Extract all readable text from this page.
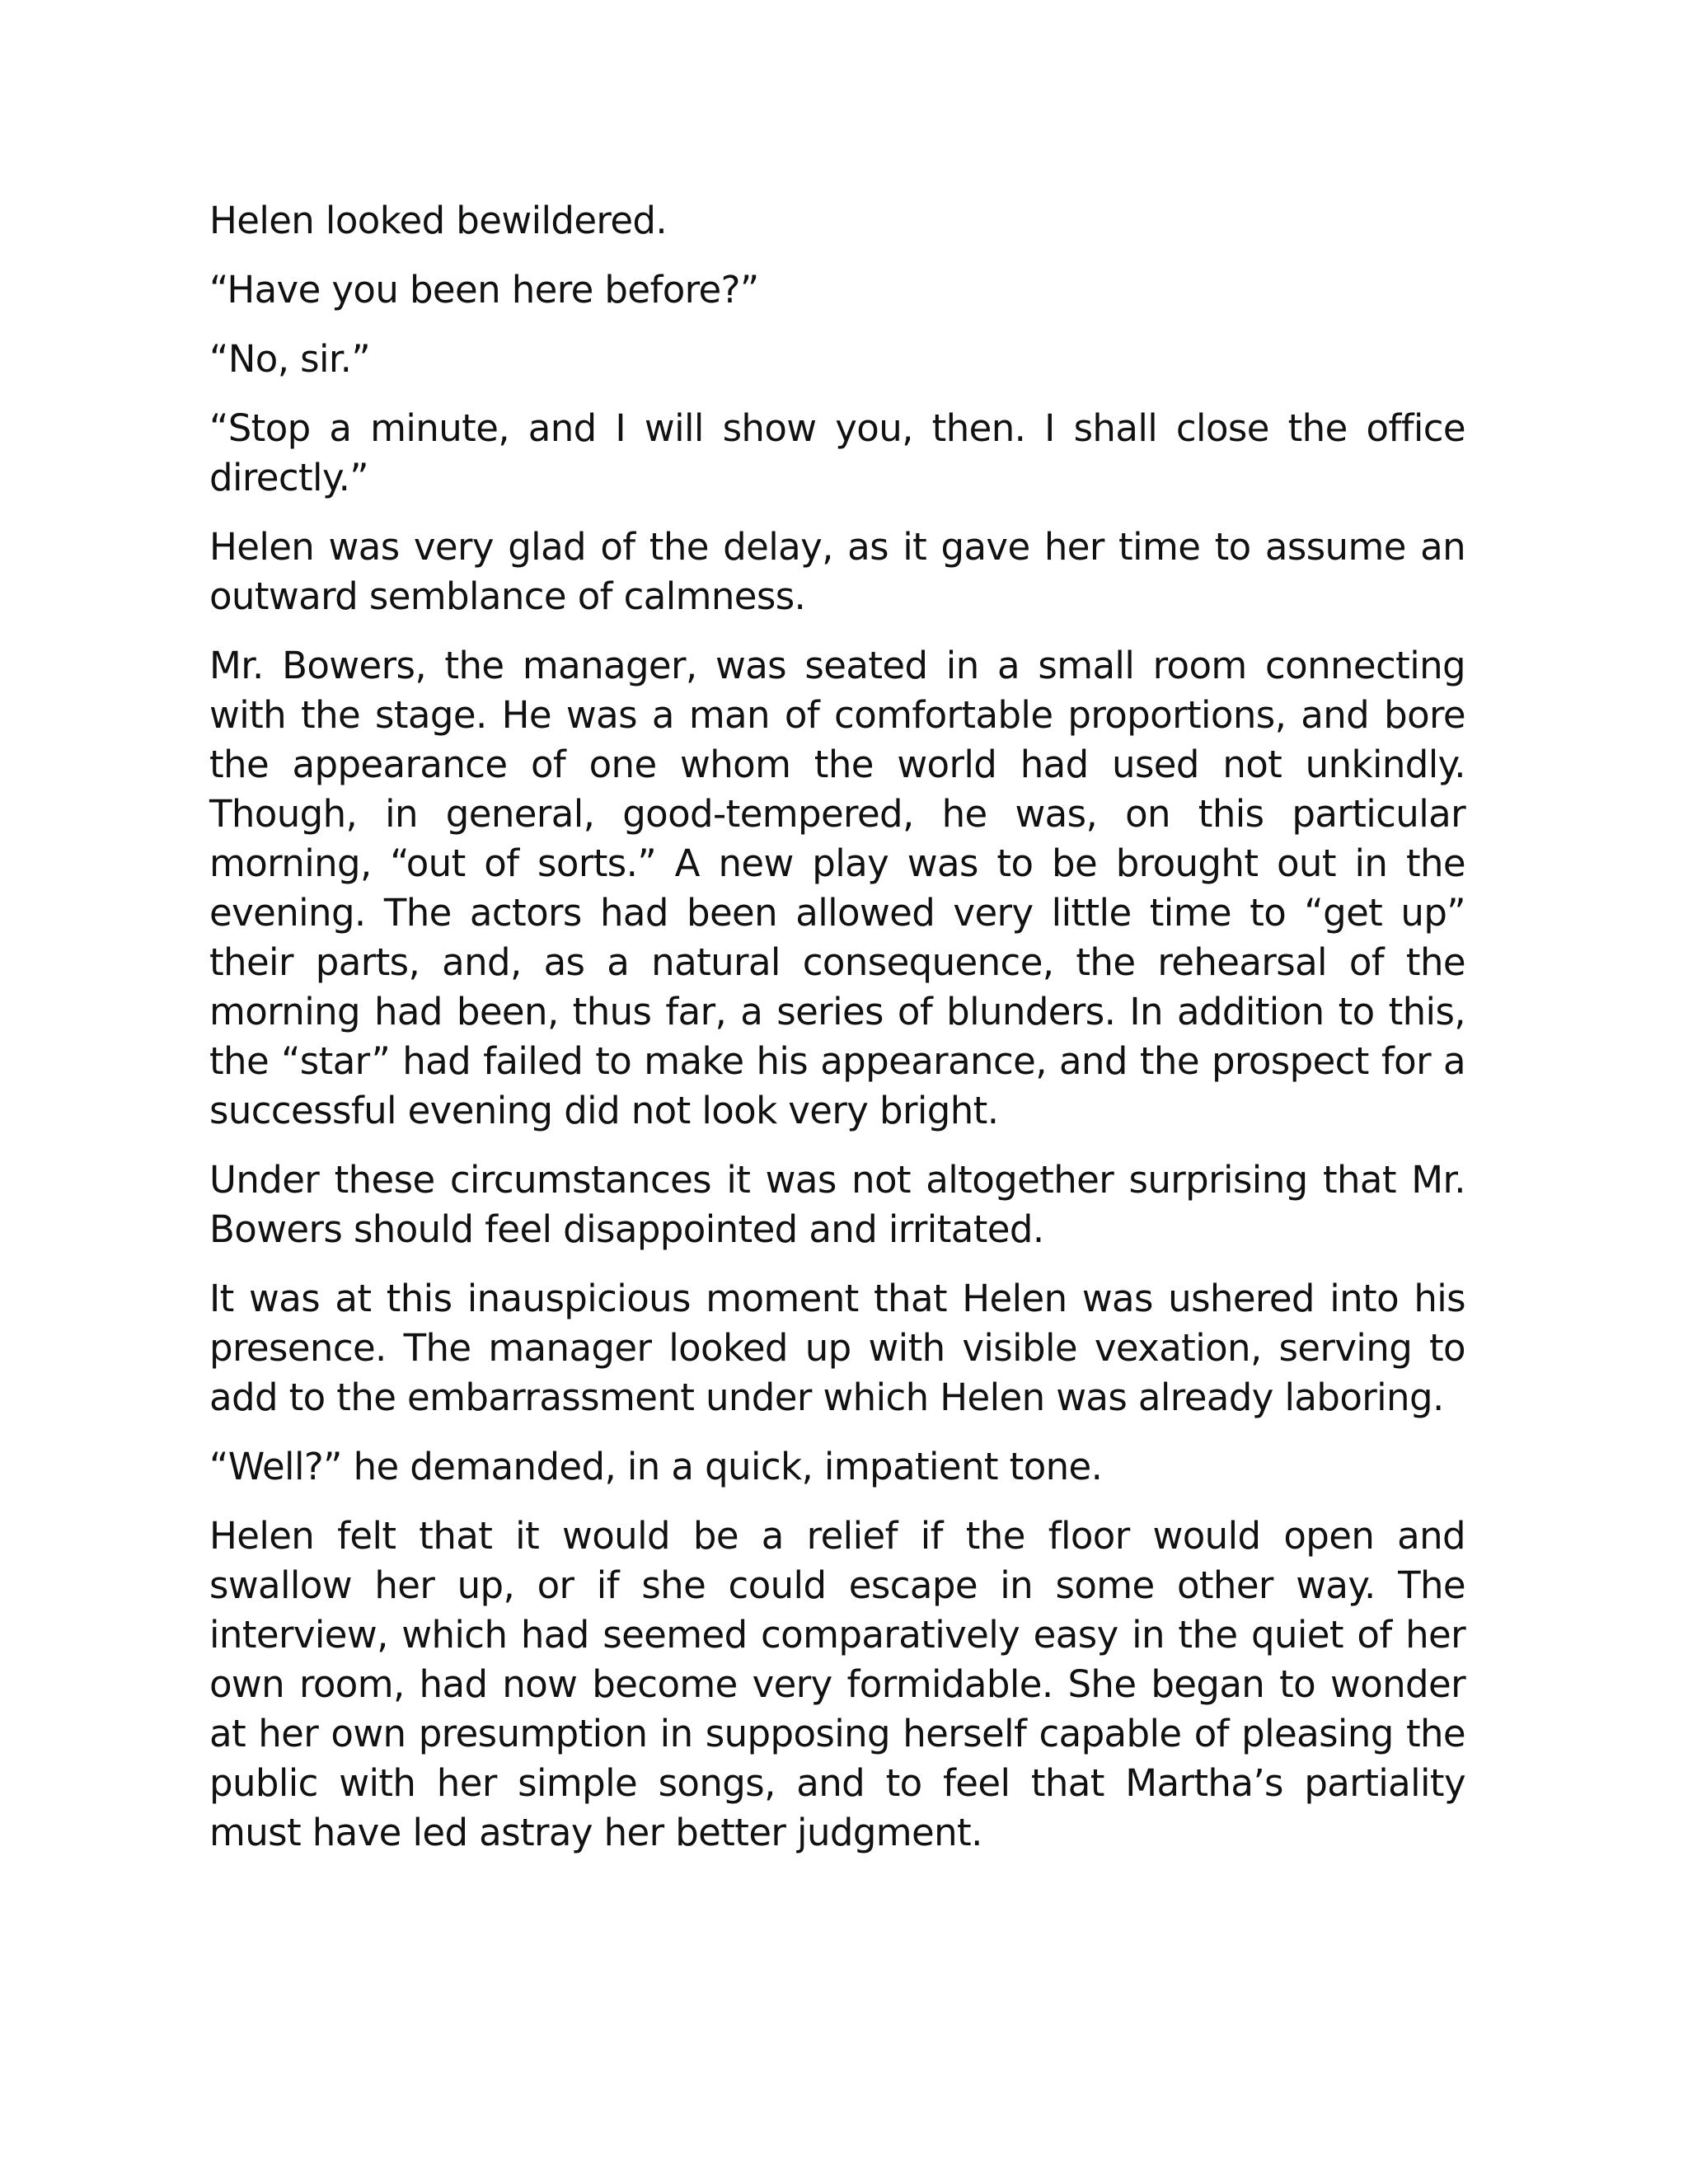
Helen looked bewildered.

“Have you been here before?”

“No, sir.”

“Stop a minute, and I will show you, then. I shall close the office directly.”

Helen was very glad of the delay, as it gave her time to assume an outward semblance of calmness.

Mr. Bowers, the manager, was seated in a small room connecting with the stage. He was a man of comfortable proportions, and bore the appearance of one whom the world had used not unkindly. Though, in general, good-tempered, he was, on this particular morning, “out of sorts.” A new play was to be brought out in the evening. The actors had been allowed very little time to “get up” their parts, and, as a natural consequence, the rehearsal of the morning had been, thus far, a series of blunders. In addition to this, the “star” had failed to make his appearance, and the prospect for a successful evening did not look very bright.

Under these circumstances it was not altogether surprising that Mr. Bowers should feel disappointed and irritated.

It was at this inauspicious moment that Helen was ushered into his presence. The manager looked up with visible vexation, serving to add to the embarrassment under which Helen was already laboring.

“Well?” he demanded, in a quick, impatient tone.

Helen felt that it would be a relief if the floor would open and swallow her up, or if she could escape in some other way. The interview, which had seemed comparatively easy in the quiet of her own room, had now become very formidable. She began to wonder at her own presumption in supposing herself capable of pleasing the public with her simple songs, and to feel that Martha’s partiality must have led astray her better judgment.
